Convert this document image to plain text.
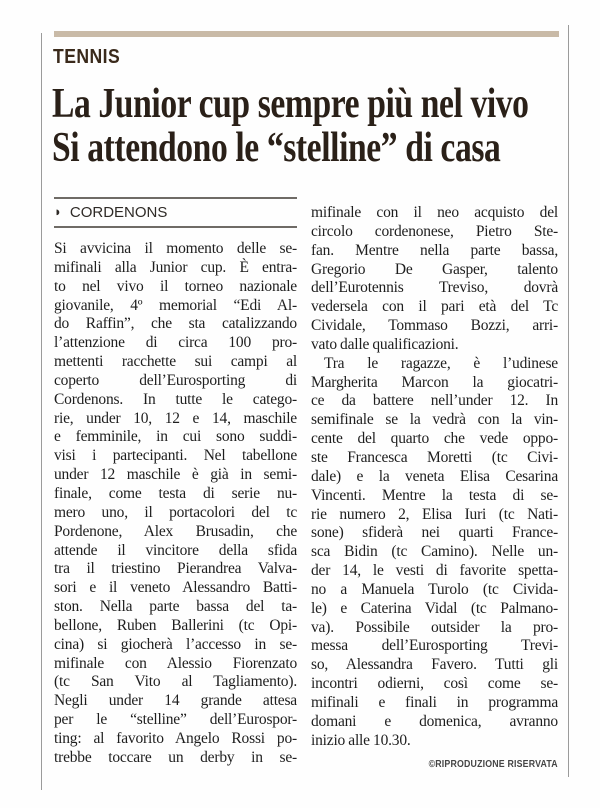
TENNIS
La Junior cup sempre più nel vivo
Si attendono le “stelline” di casa
◗ CORDENONS
Si avvicina il momento delle se-
mifinali alla Junior cup. È entra-
to nel vivo il torneo nazionale
giovanile, 4º memorial “Edi Al-
do Raffin”, che sta catalizzando
l’attenzione di circa 100 pro-
mettenti racchette sui campi al
coperto dell’Eurosporting di
Cordenons. In tutte le catego-
rie, under 10, 12 e 14, maschile
e femminile, in cui sono suddi-
visi i partecipanti. Nel tabellone
under 12 maschile è già in semi-
finale, come testa di serie nu-
mero uno, il portacolori del tc
Pordenone, Alex Brusadin, che
attende il vincitore della sfida
tra il triestino Pierandrea Valva-
sori e il veneto Alessandro Batti-
ston. Nella parte bassa del ta-
bellone, Ruben Ballerini (tc Opi-
cina) si giocherà l’accesso in se-
mifinale con Alessio Fiorenzato
(tc San Vito al Tagliamento).
Negli under 14 grande attesa
per le “stelline” dell’Eurospor-
ting: al favorito Angelo Rossi po-
trebbe toccare un derby in se-
mifinale con il neo acquisto del
circolo cordenonese, Pietro Ste-
fan. Mentre nella parte bassa,
Gregorio De Gasper, talento
dell’Eurotennis Treviso, dovrà
vedersela con il pari età del Tc
Cividale, Tommaso Bozzi, arri-
vato dalle qualificazioni.
Tra le ragazze, è l’udinese
Margherita Marcon la giocatri-
ce da battere nell’under 12. In
semifinale se la vedrà con la vin-
cente del quarto che vede oppo-
ste Francesca Moretti (tc Civi-
dale) e la veneta Elisa Cesarina
Vincenti. Mentre la testa di se-
rie numero 2, Elisa Iuri (tc Nati-
sone) sfiderà nei quarti France-
sca Bidin (tc Camino). Nelle un-
der 14, le vesti di favorite spetta-
no a Manuela Turolo (tc Civida-
le) e Caterina Vidal (tc Palmano-
va). Possibile outsider la pro-
messa dell’Eurosporting Trevi-
so, Alessandra Favero. Tutti gli
incontri odierni, così come se-
mifinali e finali in programma
domani e domenica, avranno
inizio alle 10.30.
©RIPRODUZIONE RISERVATA
